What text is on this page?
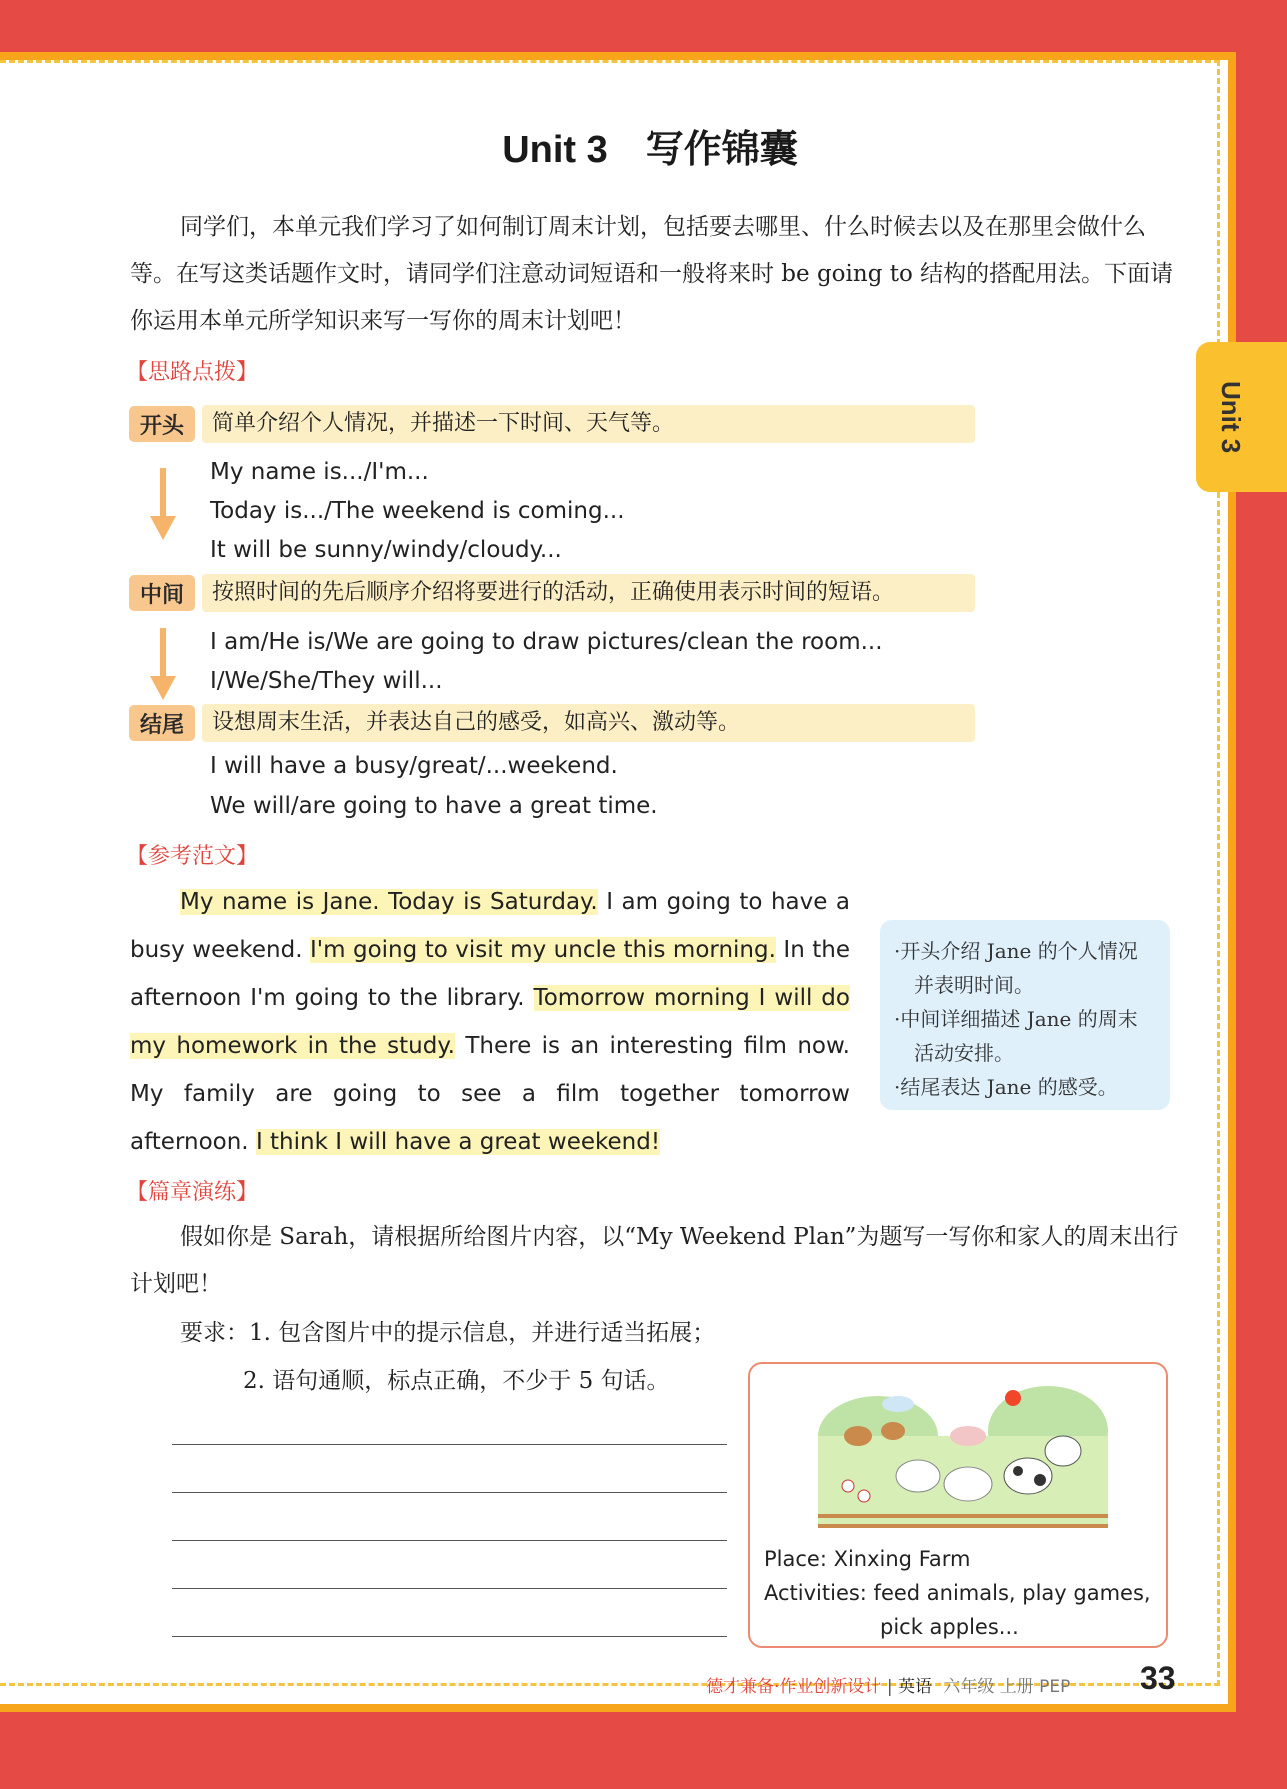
Unit 3
Unit 3　写作锦囊
同学们，本单元我们学习了如何制订周末计划，包括要去哪里、什么时候去以及在那里会做什么等。在写这类话题作文时，请同学们注意动词短语和一般将来时 be going to 结构的搭配用法。下面请你运用本单元所学知识来写一写你的周末计划吧！
【思路点拨】
开头	简单介绍个人情况，并描述一下时间、天气等。
My name is.../I'm...
Today is.../The weekend is coming...
It will be sunny/windy/cloudy...
中间	按照时间的先后顺序介绍将要进行的活动，正确使用表示时间的短语。
I am/He is/We are going to draw pictures/clean the room...
I/We/She/They will...
结尾	设想周末生活，并表达自己的感受，如高兴、激动等。
I will have a busy/great/...weekend.
We will/are going to have a great time.
【参考范文】
My name is Jane. Today is Saturday. I am going to have a busy weekend. I'm going to visit my uncle this morning. In the afternoon I'm going to the library. Tomorrow morning I will do my homework in the study. There is an interesting film now. My family are going to see a film together tomorrow afternoon. I think I will have a great weekend!
·开头介绍 Jane 的个人情况并表明时间。
·中间详细描述 Jane 的周末活动安排。
·结尾表达 Jane 的感受。
【篇章演练】
假如你是 Sarah，请根据所给图片内容，以“My Weekend Plan”为题写一写你和家人的周末出行计划吧！
要求：1. 包含图片中的提示信息，并进行适当拓展；
2. 语句通顺，标点正确，不少于 5 句话。
Place: Xinxing Farm
Activities: feed animals, play games,
pick apples...
德才兼备·作业创新设计 | 英语 六年级 上册 PEP 33
